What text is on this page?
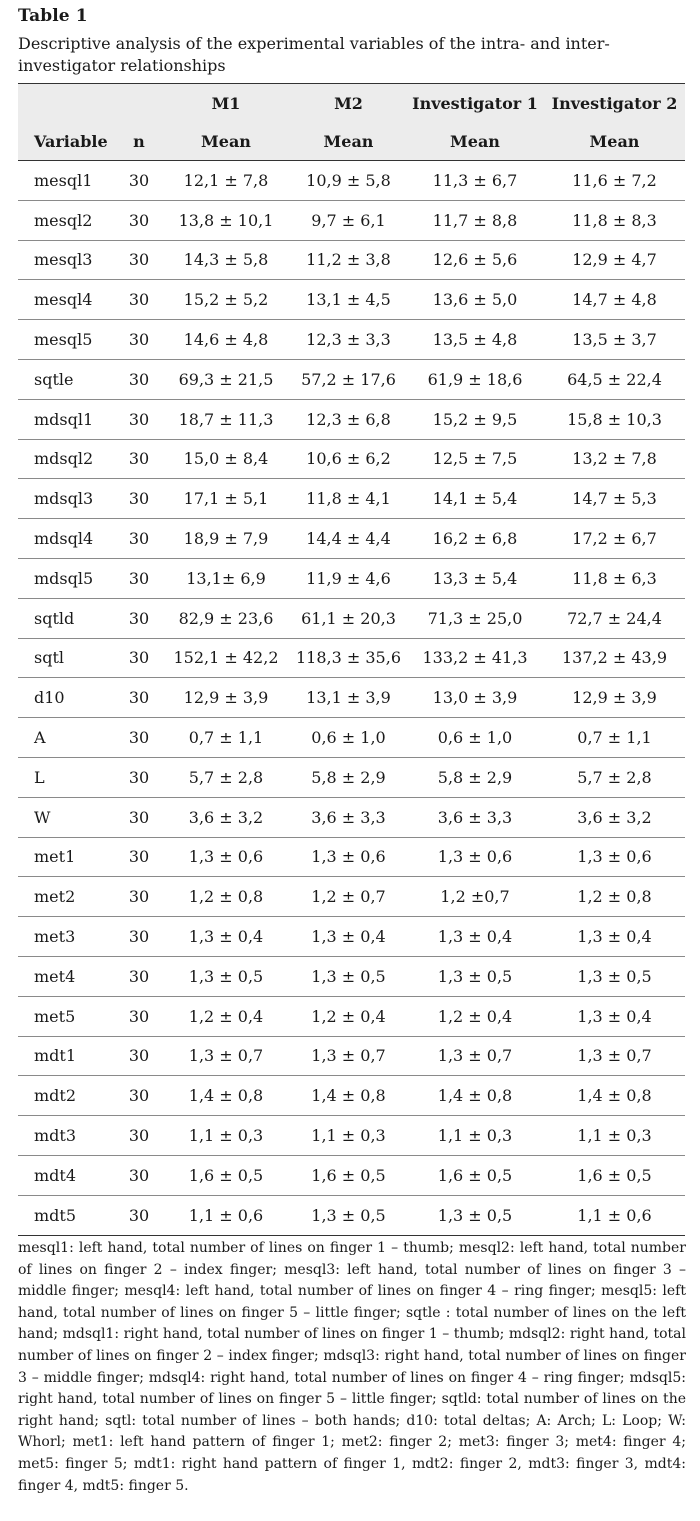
Table 1
Descriptive analysis of the experimental variables of the intra- and inter-investigator relationships
		M1	M2	Investigator 1	Investigator 2
Variable	n	Mean	Mean	Mean	Mean
mesql1	30	12,1 ± 7,8	10,9 ± 5,8	11,3 ± 6,7	11,6 ± 7,2
mesql2	30	13,8 ± 10,1	9,7 ± 6,1	11,7 ± 8,8	11,8 ± 8,3
mesql3	30	14,3 ± 5,8	11,2 ± 3,8	12,6 ± 5,6	12,9 ± 4,7
mesql4	30	15,2 ± 5,2	13,1 ± 4,5	13,6 ± 5,0	14,7 ± 4,8
mesql5	30	14,6 ± 4,8	12,3 ± 3,3	13,5 ± 4,8	13,5 ± 3,7
sqtle	30	69,3 ± 21,5	57,2 ± 17,6	61,9 ± 18,6	64,5 ± 22,4
mdsql1	30	18,7 ± 11,3	12,3 ± 6,8	15,2 ± 9,5	15,8 ± 10,3
mdsql2	30	15,0 ± 8,4	10,6 ± 6,2	12,5 ± 7,5	13,2 ± 7,8
mdsql3	30	17,1 ± 5,1	11,8 ± 4,1	14,1 ± 5,4	14,7 ± 5,3
mdsql4	30	18,9 ± 7,9	14,4 ± 4,4	16,2 ± 6,8	17,2 ± 6,7
mdsql5	30	13,1± 6,9	11,9 ± 4,6	13,3 ± 5,4	11,8 ± 6,3
sqtld	30	82,9 ± 23,6	61,1 ± 20,3	71,3 ± 25,0	72,7 ± 24,4
sqtl	30	152,1 ± 42,2	118,3 ± 35,6	133,2 ± 41,3	137,2 ± 43,9
d10	30	12,9 ± 3,9	13,1 ± 3,9	13,0 ± 3,9	12,9 ± 3,9
A	30	0,7 ± 1,1	0,6 ± 1,0	0,6 ± 1,0	0,7 ± 1,1
L	30	5,7 ± 2,8	5,8 ± 2,9	5,8 ± 2,9	5,7 ± 2,8
W	30	3,6 ± 3,2	3,6 ± 3,3	3,6 ± 3,3	3,6 ± 3,2
met1	30	1,3 ± 0,6	1,3 ± 0,6	1,3 ± 0,6	1,3 ± 0,6
met2	30	1,2 ± 0,8	1,2 ± 0,7	1,2 ±0,7	1,2 ± 0,8
met3	30	1,3 ± 0,4	1,3 ± 0,4	1,3 ± 0,4	1,3 ± 0,4
met4	30	1,3 ± 0,5	1,3 ± 0,5	1,3 ± 0,5	1,3 ± 0,5
met5	30	1,2 ± 0,4	1,2 ± 0,4	1,2 ± 0,4	1,3 ± 0,4
mdt1	30	1,3 ± 0,7	1,3 ± 0,7	1,3 ± 0,7	1,3 ± 0,7
mdt2	30	1,4 ± 0,8	1,4 ± 0,8	1,4 ± 0,8	1,4 ± 0,8
mdt3	30	1,1 ± 0,3	1,1 ± 0,3	1,1 ± 0,3	1,1 ± 0,3
mdt4	30	1,6 ± 0,5	1,6 ± 0,5	1,6 ± 0,5	1,6 ± 0,5
mdt5	30	1,1 ± 0,6	1,3 ± 0,5	1,3 ± 0,5	1,1 ± 0,6
mesql1: left hand, total number of lines on finger 1 – thumb; mesql2: left hand, total number of lines on finger 2 – index finger; mesql3: left hand, total number of lines on finger 3 – middle finger; mesql4: left hand, total number of lines on finger 4 – ring finger; mesql5: left hand, total number of lines on finger 5 – little finger; sqtle : total number of lines on the left hand; mdsql1: right hand, total number of lines on finger 1 – thumb; mdsql2: right hand, total number of lines on finger 2 – index finger; mdsql3: right hand, total number of lines on finger 3 – middle finger; mdsql4: right hand, total number of lines on finger 4 – ring finger; mdsql5: right hand, total number of lines on finger 5 – little finger; sqtld: total number of lines on the right hand; sqtl: total number of lines – both hands; d10: total deltas; A: Arch; L: Loop; W: Whorl; met1: left hand pattern of finger 1; met2: finger 2; met3: finger 3; met4: finger 4; met5: finger 5; mdt1: right hand pattern of finger 1, mdt2: finger 2, mdt3: finger 3, mdt4: finger 4, mdt5: finger 5.
